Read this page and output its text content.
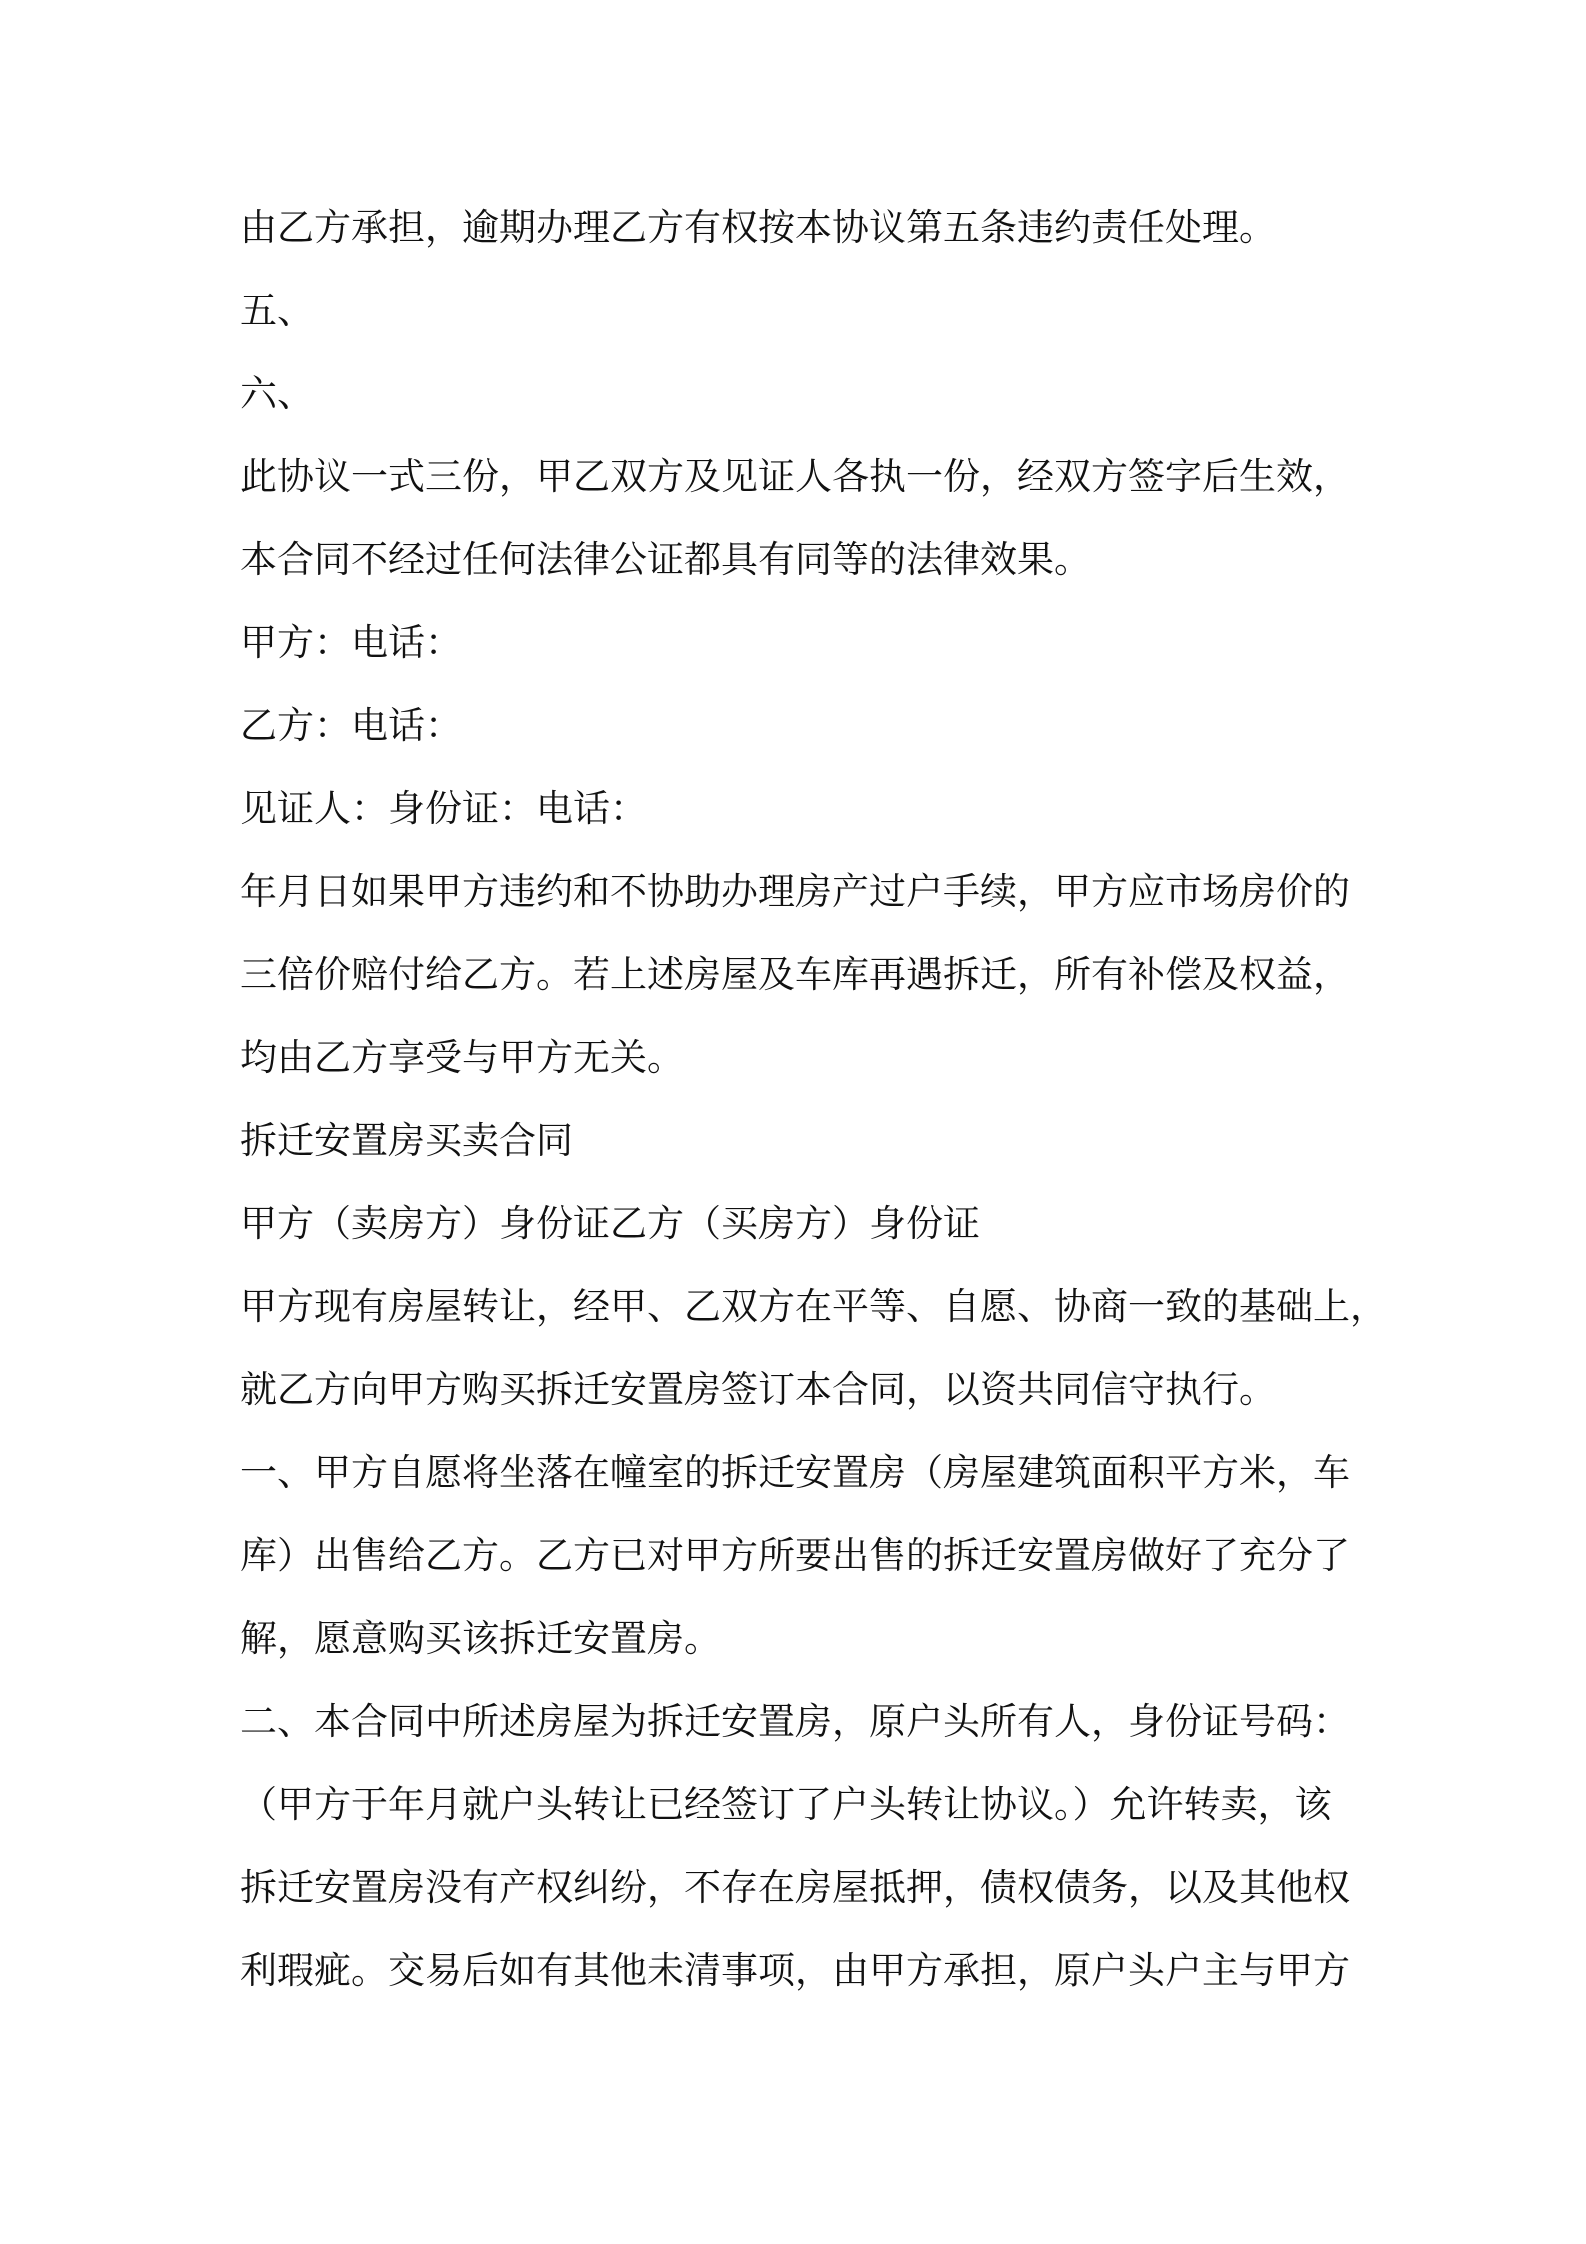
由乙方承担，逾期办理乙方有权按本协议第五条违约责任处理。
五、
六、
此协议一式三份，甲乙双方及见证人各执一份，经双方签字后生效，
本合同不经过任何法律公证都具有同等的法律效果。
甲方：电话：
乙方：电话：
见证人：身份证：电话：
年月日如果甲方违约和不协助办理房产过户手续，甲方应市场房价的
三倍价赔付给乙方。若上述房屋及车库再遇拆迁，所有补偿及权益，
均由乙方享受与甲方无关。
拆迁安置房买卖合同
甲方（卖房方）身份证乙方（买房方）身份证
甲方现有房屋转让，经甲、乙双方在平等、自愿、协商一致的基础上，
就乙方向甲方购买拆迁安置房签订本合同，以资共同信守执行。
一、甲方自愿将坐落在幢室的拆迁安置房（房屋建筑面积平方米，车
库）出售给乙方。乙方已对甲方所要出售的拆迁安置房做好了充分了
解，愿意购买该拆迁安置房。
二、本合同中所述房屋为拆迁安置房，原户头所有人，身份证号码：
（甲方于年月就户头转让已经签订了户头转让协议。）允许转卖，该
拆迁安置房没有产权纠纷，不存在房屋抵押，债权债务，以及其他权
利瑕疵。交易后如有其他未清事项，由甲方承担，原户头户主与甲方
